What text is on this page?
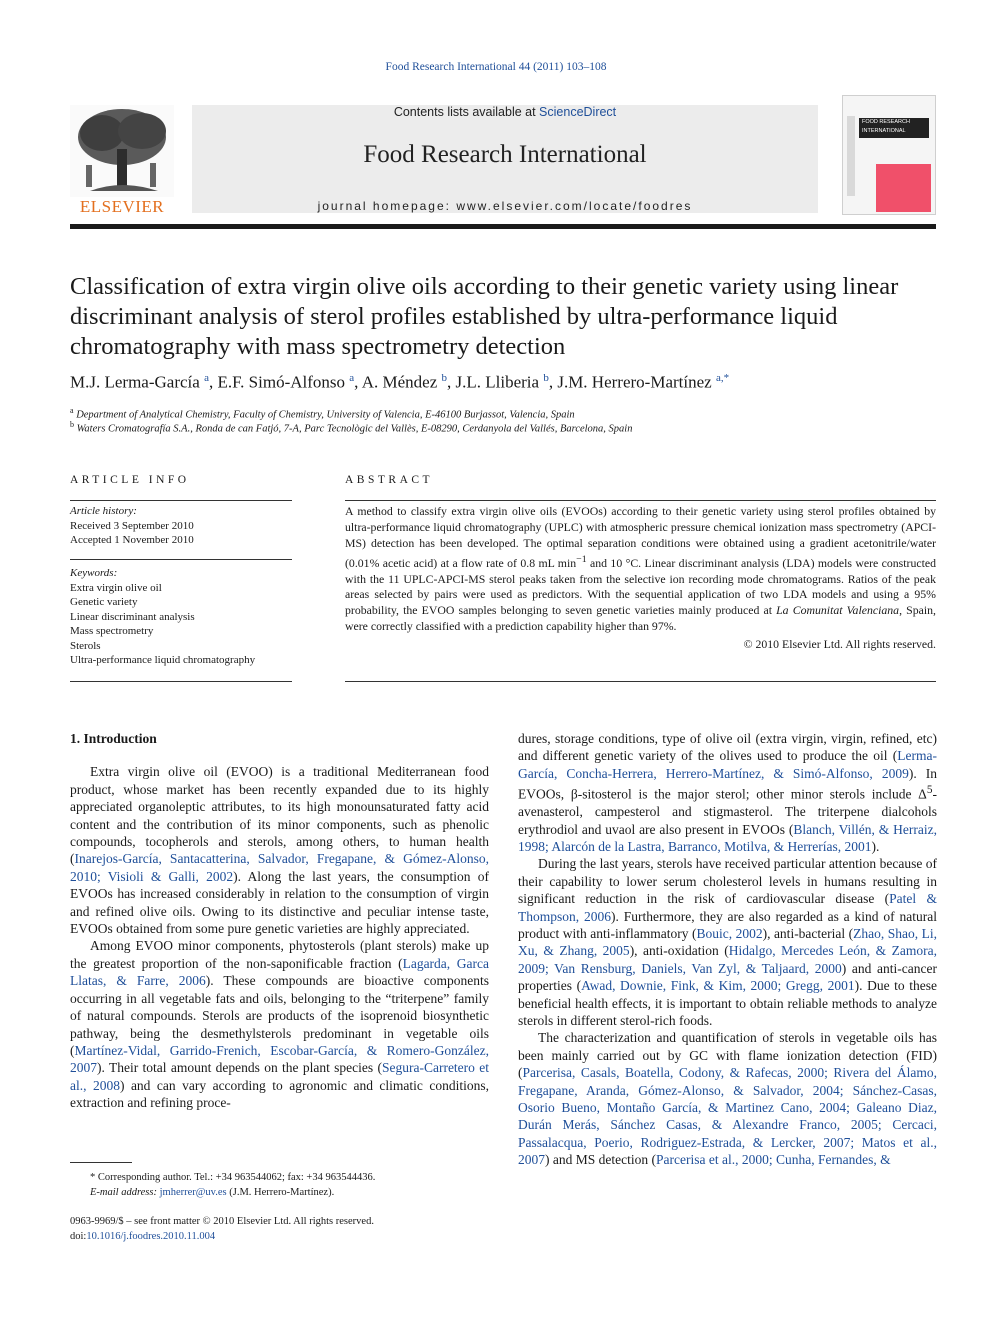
Food Research International 44 (2011) 103–108
ELSEVIER
Contents lists available at ScienceDirect
Food Research International
journal homepage: www.elsevier.com/locate/foodres
FOOD RESEARCH
INTERNATIONAL
Classification of extra virgin olive oils according to their genetic variety using linear discriminant analysis of sterol profiles established by ultra-performance liquid chromatography with mass spectrometry detection
M.J. Lerma-García $^a$, E.F. Simó-Alfonso $^a$, A. Méndez $^b$, J.L. Lliberia $^b$, J.M. Herrero-Martínez $^{a,*}$
$^a$ Department of Analytical Chemistry, Faculty of Chemistry, University of Valencia, E-46100 Burjassot, Valencia, Spain
$^b$ Waters Cromatografía S.A., Ronda de can Fatjó, 7-A, Parc Tecnològic del Vallès, E-08290, Cerdanyola del Vallés, Barcelona, Spain
ARTICLE INFO	ABSTRACT
Article history:
Received 3 September 2010
Accepted 1 November 2010
Keywords:
Extra virgin olive oil
Genetic variety
Linear discriminant analysis
Mass spectrometry
Sterols
Ultra-performance liquid chromatography
A method to classify extra virgin olive oils (EVOOs) according to their genetic variety using sterol profiles obtained by ultra-performance liquid chromatography (UPLC) with atmospheric pressure chemical ionization mass spectrometry (APCI-MS) detection has been developed. The optimal separation conditions were obtained using a gradient acetonitrile/water (0.01% acetic acid) at a flow rate of 0.8 mL $\min^{-1}$ and 10 °C. Linear discriminant analysis (LDA) models were constructed with the 11 UPLC-APCI-MS sterol peaks taken from the selective ion recording mode chromatograms. Ratios of the peak areas selected by pairs were used as predictors. With the sequential application of two LDA models and using a 95% probability, the EVOO samples belonging to seven genetic varieties mainly produced at La Comunitat Valenciana, Spain, were correctly classified with a prediction capability higher than 97%.
© 2010 Elsevier Ltd. All rights reserved.
1. Introduction

Extra virgin olive oil (EVOO) is a traditional Mediterranean food product, whose market has been recently expanded due to its highly appreciated organoleptic attributes, to its high monounsaturated fatty acid content and the contribution of its minor components, such as phenolic compounds, tocopherols and sterols, among others, to human health (Inarejos-García, Santacatterina, Salvador, Fregapane, & Gómez-Alonso, 2010; Visioli & Galli, 2002). Along the last years, the consumption of EVOOs has increased considerably in relation to the consumption of virgin and refined olive oils. Owing to its distinctive and peculiar intense taste, EVOOs obtained from some pure genetic varieties are highly appreciated.

Among EVOO minor components, phytosterols (plant sterols) make up the greatest proportion of the non-saponificable fraction (Lagarda, Garca Llatas, & Farre, 2006). These compounds are bioactive components occurring in all vegetable fats and oils, belonging to the “triterpene” family of natural compounds. Sterols are products of the isoprenoid biosynthetic pathway, being the desmethylsterols predominant in vegetable oils (Martínez-Vidal, Garrido-Frenich, Escobar-García, & Romero-González, 2007). Their total amount depends on the plant species (Segura-Carretero et al., 2008) and can vary according to agronomic and climatic conditions, extraction and refining proce-

dures, storage conditions, type of olive oil (extra virgin, virgin, refined, etc) and different genetic variety of the olives used to produce the oil (Lerma-García, Concha-Herrera, Herrero-Martínez, & Simó-Alfonso, 2009). In EVOOs, β-sitosterol is the major sterol; other minor sterols include $\Delta^5$-avenasterol, campesterol and stigmasterol. The triterpene dialcohols erythrodiol and uvaol are also present in EVOOs (Blanch, Villén, & Herraiz, 1998; Alarcón de la Lastra, Barranco, Motilva, & Herrerías, 2001).

During the last years, sterols have received particular attention because of their capability to lower serum cholesterol levels in humans resulting in significant reduction in the risk of cardiovascular disease (Patel & Thompson, 2006). Furthermore, they are also regarded as a kind of natural product with anti-inflammatory (Bouic, 2002), anti-bacterial (Zhao, Shao, Li, Xu, & Zhang, 2005), anti-oxidation (Hidalgo, Mercedes León, & Zamora, 2009; Van Rensburg, Daniels, Van Zyl, & Taljaard, 2000) and anti-cancer properties (Awad, Downie, Fink, & Kim, 2000; Gregg, 2001). Due to these beneficial health effects, it is important to obtain reliable methods to analyze sterols in different sterol-rich foods.

The characterization and quantification of sterols in vegetable oils has been mainly carried out by GC with flame ionization detection (FID) (Parcerisa, Casals, Boatella, Codony, & Rafecas, 2000; Rivera del Álamo, Fregapane, Aranda, Gómez-Alonso, & Salvador, 2004; Sánchez-Casas, Osorio Bueno, Montaño García, & Martinez Cano, 2004; Galeano Diaz, Durán Merás, Sánchez Casas, & Alexandre Franco, 2005; Cercaci, Passalacqua, Poerio, Rodriguez-Estrada, & Lercker, 2007; Matos et al., 2007) and MS detection (Parcerisa et al., 2000; Cunha, Fernandes, &

* Corresponding author. Tel.: +34 963544062; fax: +34 963544436.
E-mail address: jmherrer@uv.es (J.M. Herrero-Martínez).
0963-9969/$ – see front matter © 2010 Elsevier Ltd. All rights reserved.
doi:10.1016/j.foodres.2010.11.004
